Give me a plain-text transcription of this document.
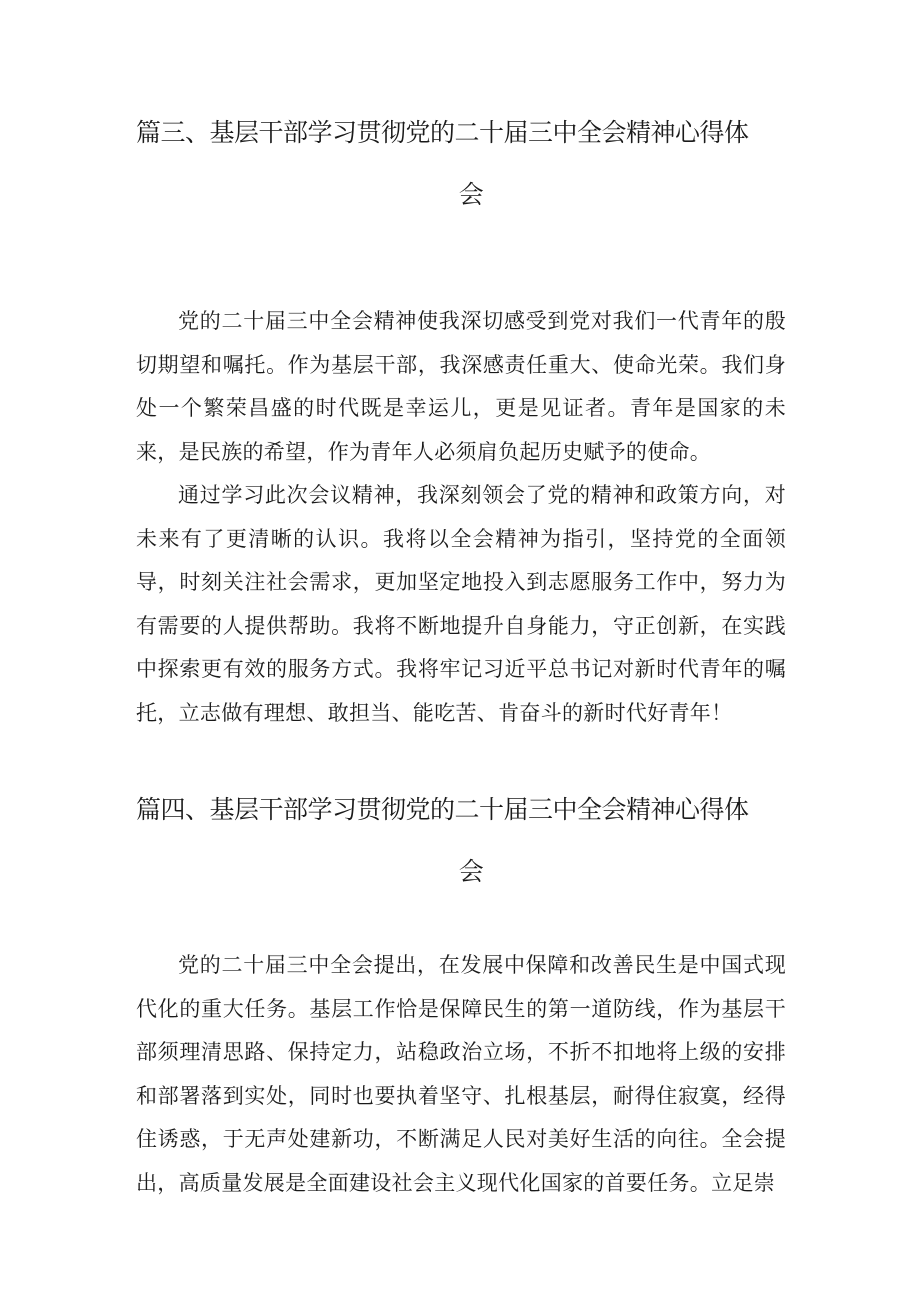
篇三、基层干部学习贯彻党的二十届三中全会精神心得体
会

党的二十届三中全会精神使我深切感受到党对我们一代青年的殷切期望和嘱托。作为基层干部，我深感责任重大、使命光荣。我们身处一个繁荣昌盛的时代既是幸运儿，更是见证者。青年是国家的未来，是民族的希望，作为青年人必须肩负起历史赋予的使命。

通过学习此次会议精神，我深刻领会了党的精神和政策方向，对未来有了更清晰的认识。我将以全会精神为指引，坚持党的全面领导，时刻关注社会需求，更加坚定地投入到志愿服务工作中，努力为有需要的人提供帮助。我将不断地提升自身能力，守正创新，在实践中探索更有效的服务方式。我将牢记习近平总书记对新时代青年的嘱托，立志做有理想、敢担当、能吃苦、肯奋斗的新时代好青年！

篇四、基层干部学习贯彻党的二十届三中全会精神心得体
会

党的二十届三中全会提出，在发展中保障和改善民生是中国式现代化的重大任务。基层工作恰是保障民生的第一道防线，作为基层干部须理清思路、保持定力，站稳政治立场，不折不扣地将上级的安排和部署落到实处，同时也要执着坚守、扎根基层，耐得住寂寞，经得住诱惑，于无声处建新功，不断满足人民对美好生活的向往。全会提出，高质量发展是全面建设社会主义现代化国家的首要任务。立足崇
